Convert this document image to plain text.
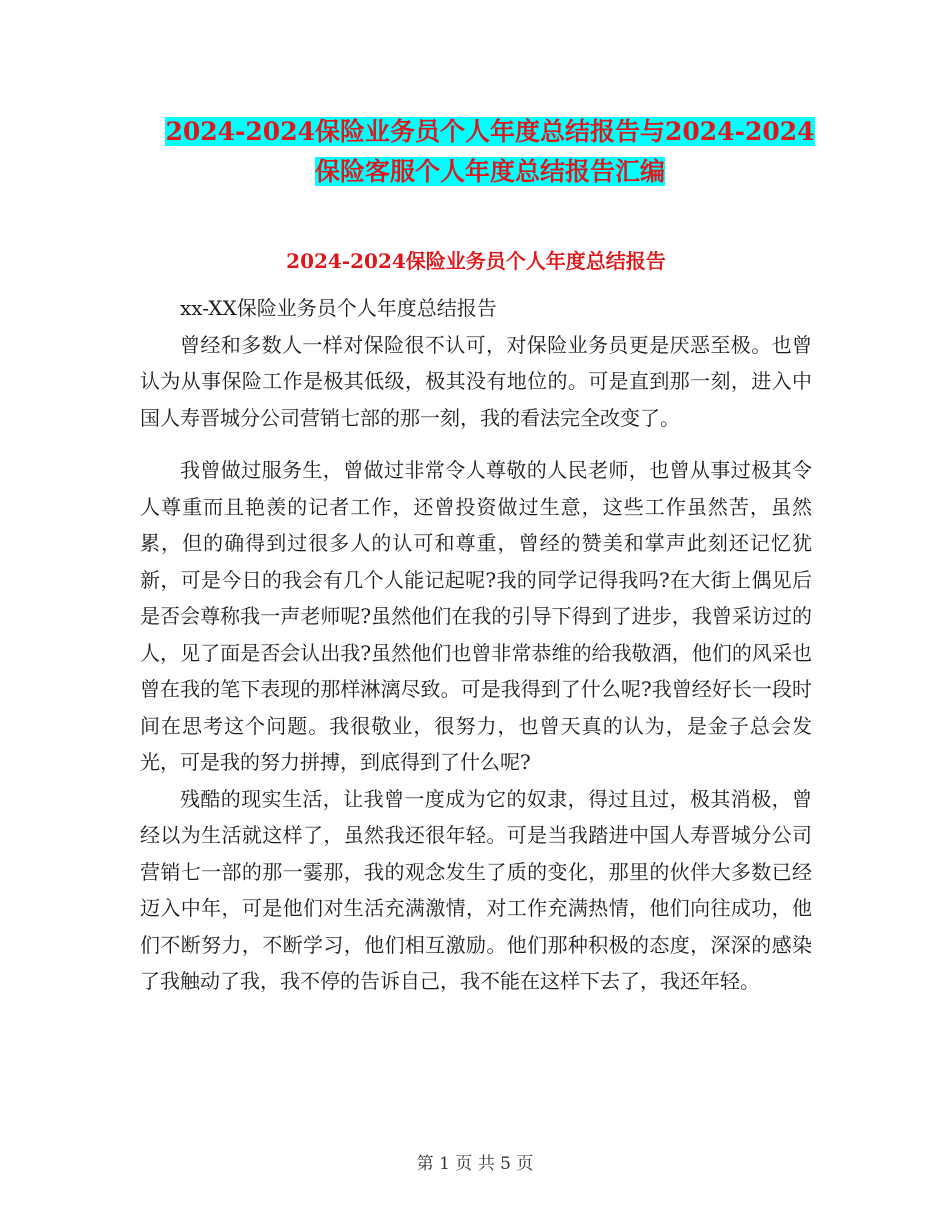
2024-2024保险业务员个人年度总结报告与2024-2024
保险客服个人年度总结报告汇编
2024-2024保险业务员个人年度总结报告

xx-XX保险业务员个人年度总结报告

曾经和多数人一样对保险很不认可，对保险业务员更是厌恶至极。也曾认为从事保险工作是极其低级，极其没有地位的。可是直到那一刻，进入中国人寿晋城分公司营销七部的那一刻，我的看法完全改变了。

我曾做过服务生，曾做过非常令人尊敬的人民老师，也曾从事过极其令人尊重而且艳羡的记者工作，还曾投资做过生意，这些工作虽然苦，虽然累，但的确得到过很多人的认可和尊重，曾经的赞美和掌声此刻还记忆犹新，可是今日的我会有几个人能记起呢?我的同学记得我吗?在大街上偶见后是否会尊称我一声老师呢?虽然他们在我的引导下得到了进步，我曾采访过的人，见了面是否会认出我?虽然他们也曾非常恭维的给我敬酒，他们的风采也曾在我的笔下表现的那样淋漓尽致。可是我得到了什么呢?我曾经好长一段时间在思考这个问题。我很敬业，很努力，也曾天真的认为，是金子总会发光，可是我的努力拼搏，到底得到了什么呢?

残酷的现实生活，让我曾一度成为它的奴隶，得过且过，极其消极，曾经以为生活就这样了，虽然我还很年轻。可是当我踏进中国人寿晋城分公司营销七一部的那一霎那，我的观念发生了质的变化，那里的伙伴大多数已经迈入中年，可是他们对生活充满激情，对工作充满热情，他们向往成功，他们不断努力，不断学习，他们相互激励。他们那种积极的态度，深深的感染了我触动了我，我不停的告诉自己，我不能在这样下去了，我还年轻。

第 1 页 共 5 页
